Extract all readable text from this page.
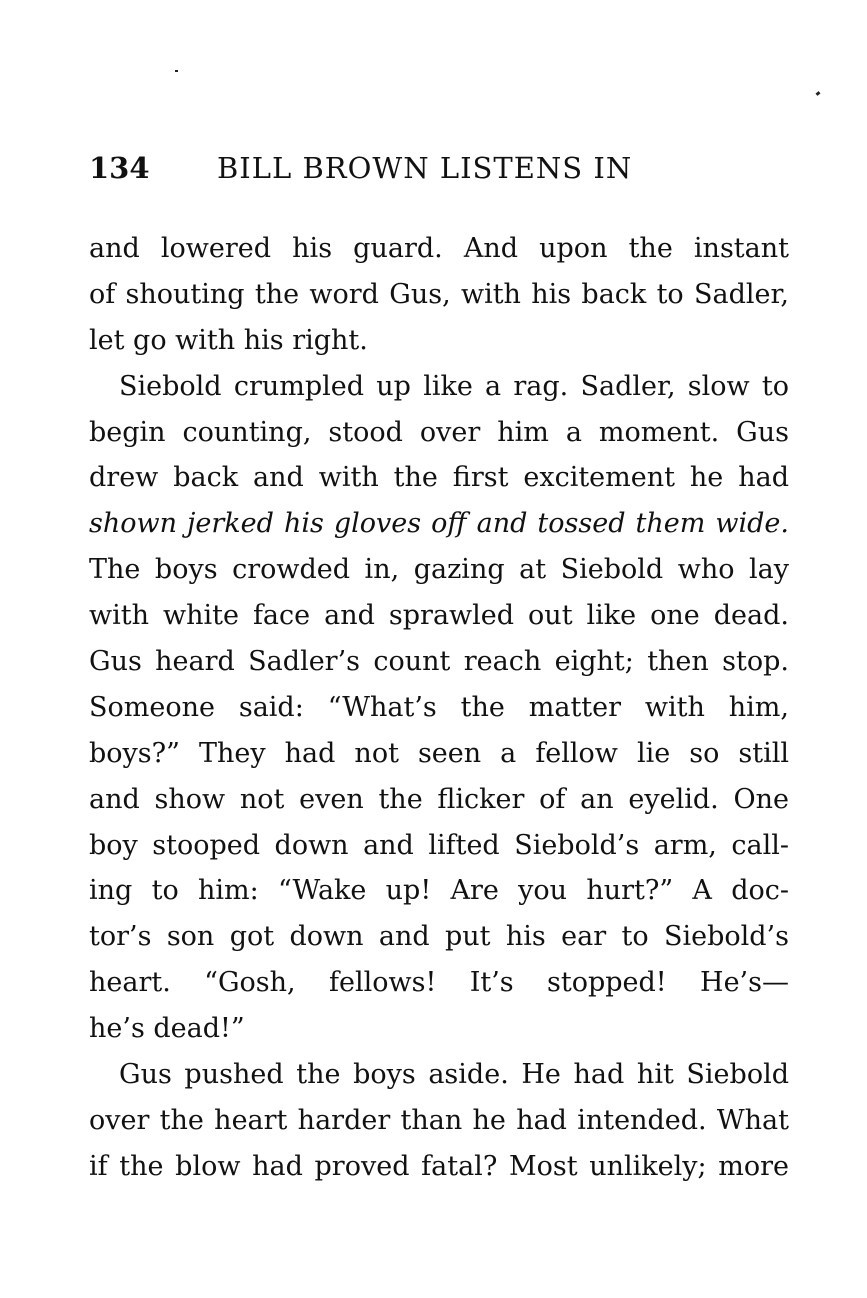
134 BILL BROWN LISTENS IN
and lowered his guard. And upon the instant
of shouting the word Gus, with his back to Sadler,
let go with his right.
Siebold crumpled up like a rag. Sadler, slow to
begin counting, stood over him a moment. Gus
drew back and with the first excitement he had
shown jerked his gloves off and tossed them wide.
The boys crowded in, gazing at Siebold who lay
with white face and sprawled out like one dead.
Gus heard Sadler’s count reach eight; then stop.
Someone said: “What’s the matter with him,
boys?” They had not seen a fellow lie so still
and show not even the flicker of an eyelid. One
boy stooped down and lifted Siebold’s arm, call-
ing to him: “Wake up! Are you hurt?” A doc-
tor’s son got down and put his ear to Siebold’s
heart. “Gosh, fellows! It’s stopped! He’s—
he’s dead!”
Gus pushed the boys aside. He had hit Siebold
over the heart harder than he had intended. What
if the blow had proved fatal? Most unlikely; more
